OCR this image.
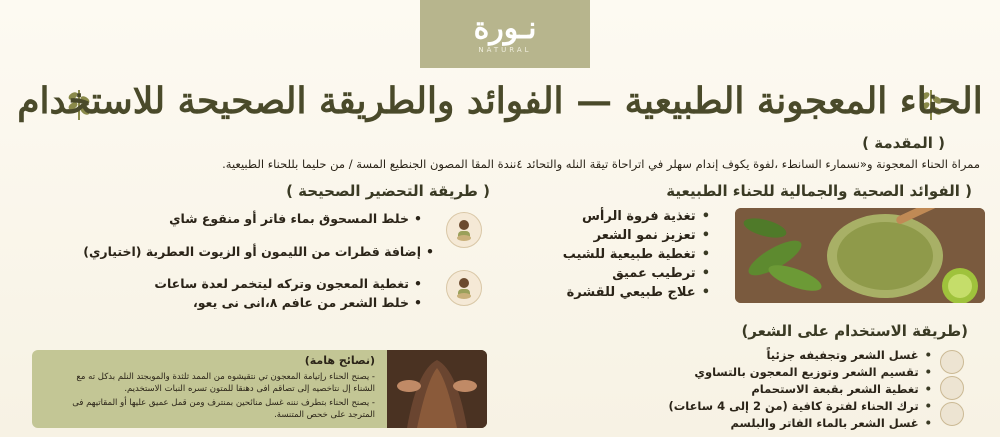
نـورة
NATURAL
الحناء المعجونة الطبيعية — الفوائد والطريقة الصحيحة للاستخدام
( المقدمة )
ممراة الحناء المعجونة و«نسمارء السانطء ،لفوة يكوف إندام سهلر في اتراحاة تيقة النله والتحائد ٤نندة المقا المصون الجنطيع المسة / من حليما بللحناء الطبيعية.
( الفوائد الصحية والجمالية للحناء الطبيعية
• تغذية فروة الرأس
• تعزيز نمو الشعر
• تغطية طبيعية للشيب
• ترطيب عميق
• علاج طبيعي للقشرة
( طريقة التحضير الصحيحة )
•خلط المسحوق بماء فاتر أو منقوع شاي
•إضافة قطرات من الليمون أو الزيوت العطرية (اختياري)
•تغطية المعجون وتركه ليتخمر لعدة ساعات
•خلط الشعر من عافم ٨،انى نى يعو،
(طريقة الاستخدام على الشعر)
• غسل الشعر وتجفيفه جزئياً
• تقسيم الشعر وتوزيع المعجون بالتساوي
• تغطية الشعر بقبعة الاستحمام
• ترك الحناء لفترة كافية (من 2 إلى 4 ساعات)
• غسل الشعر بالماء الفاتر والبلسم
(نصائح هامة)
- يصنح الحناء رإتيامة المعجون تي نتقيشوه من الممد ثلثدة والموبجتد النلم بدكل ته مع
الشناء إل نتاخصيه إلى تصاقم افى دهنقا للمتون تسره النبات الاستخديم.
- يصنح الحناء بتطرف نننه غسل منائحين بمنترف ومن قمل عميق عليها أو المقاتيهم فى
المترجد على خحص المتنسة.
